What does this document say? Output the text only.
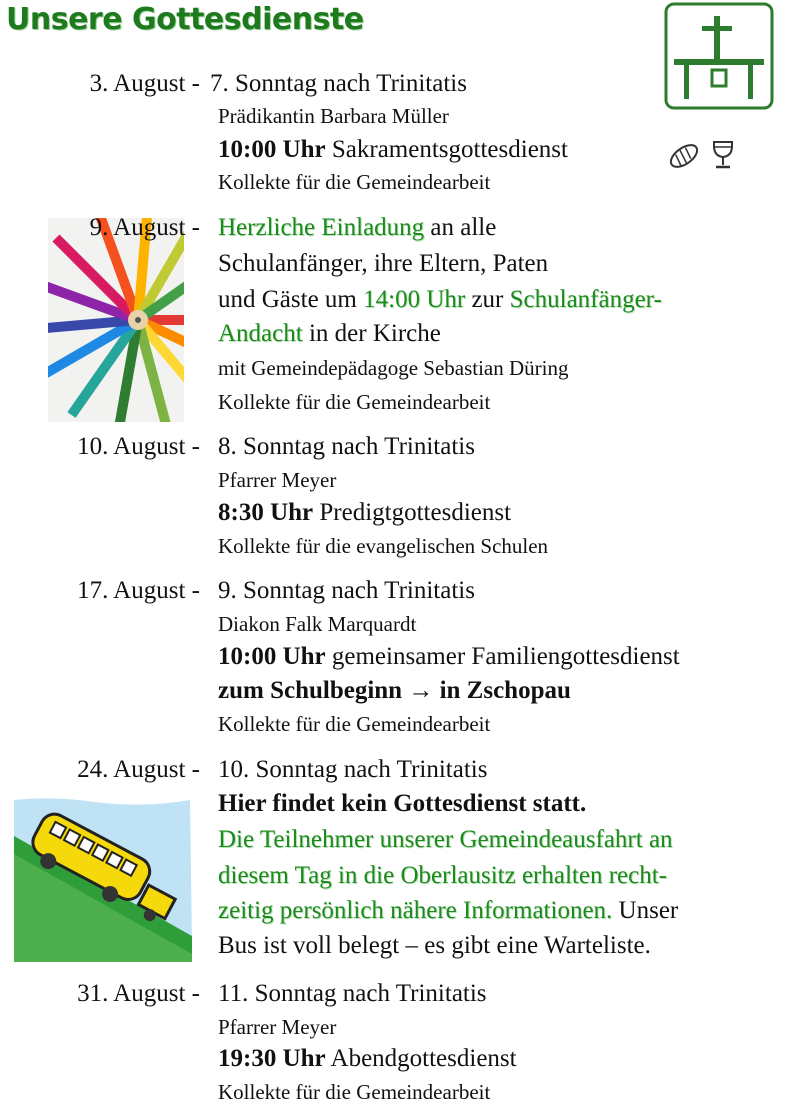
Unsere Gottesdienste
3. August - 7. Sonntag nach Trinitatis
Prädikantin Barbara Müller
10:00 Uhr Sakramentsgottesdienst
Kollekte für die Gemeindearbeit
9. August - Herzliche Einladung an alle
Schulanfänger, ihre Eltern, Paten
und Gäste um 14:00 Uhr zur Schulanfänger-
Andacht in der Kirche
mit Gemeindepädagoge Sebastian Düring
Kollekte für die Gemeindearbeit
10. August - 8. Sonntag nach Trinitatis
Pfarrer Meyer
8:30 Uhr Predigtgottesdienst
Kollekte für die evangelischen Schulen
17. August - 9. Sonntag nach Trinitatis
Diakon Falk Marquardt
10:00 Uhr gemeinsamer Familiengottesdienst
zum Schulbeginn → in Zschopau
Kollekte für die Gemeindearbeit
24. August - 10. Sonntag nach Trinitatis
Hier findet kein Gottesdienst statt.
Die Teilnehmer unserer Gemeindeausfahrt an
diesem Tag in die Oberlausitz erhalten recht-
zeitig persönlich nähere Informationen. Unser
Bus ist voll belegt – es gibt eine Warteliste.
31. August - 11. Sonntag nach Trinitatis
Pfarrer Meyer
19:30 Uhr Abendgottesdienst
Kollekte für die Gemeindearbeit
